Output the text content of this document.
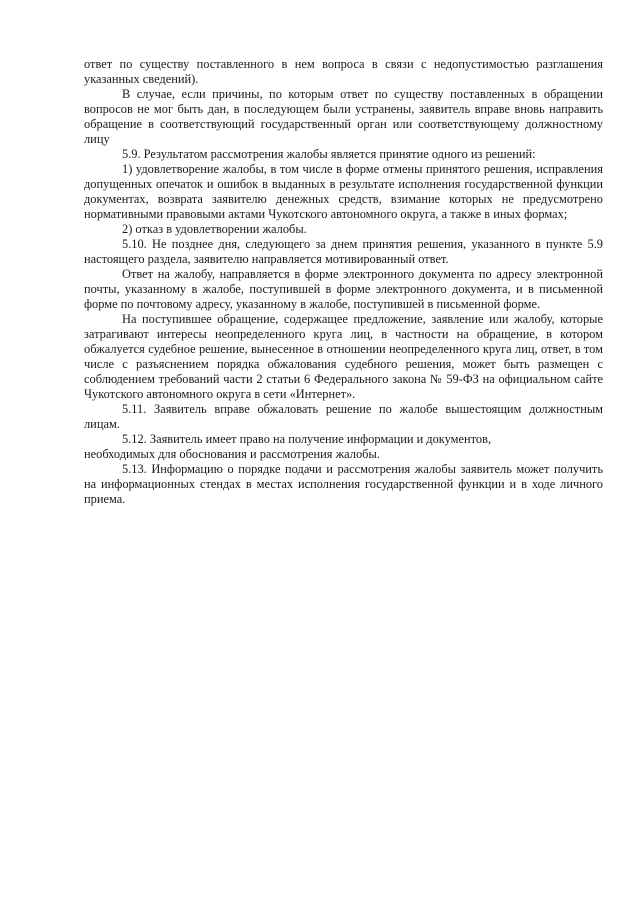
ответ по существу поставленного в нем вопроса в связи с недопустимостью разглашения указанных сведений).

В случае, если причины, по которым ответ по существу поставленных в обращении вопросов не мог быть дан, в последующем были устранены, заявитель вправе вновь направить обращение в соответствующий государственный орган или соответствующему должностному лицу

5.9. Результатом рассмотрения жалобы является принятие одного из решений:

1) удовлетворение жалобы, в том числе в форме отмены принятого решения, исправления допущенных опечаток и ошибок в выданных в результате исполнения государственной функции документах, возврата заявителю денежных средств, взимание которых не предусмотрено нормативными правовыми актами Чукотского автономного округа, а также в иных формах;

2) отказ в удовлетворении жалобы.

5.10. Не позднее дня, следующего за днем принятия решения, указанного в пункте 5.9 настоящего раздела, заявителю направляется мотивированный ответ.

Ответ на жалобу, направляется в форме электронного документа по адресу электронной почты, указанному в жалобе, поступившей в форме электронного документа, и в письменной форме по почтовому адресу, указанному в жалобе, поступившей в письменной форме.

На поступившее обращение, содержащее предложение, заявление или жалобу, которые затрагивают интересы неопределенного круга лиц, в частности на обращение, в котором обжалуется судебное решение, вынесенное в отношении неопределенного круга лиц, ответ, в том числе с разъяснением порядка обжалования судебного решения, может быть размещен с соблюдением требований части 2 статьи 6 Федерального закона № 59-ФЗ на официальном сайте Чукотского автономного округа в сети «Интернет».

5.11. Заявитель вправе обжаловать решение по жалобе вышестоящим должностным лицам.

5.12. Заявитель имеет право на получение информации и документов,

необходимых для обоснования и рассмотрения жалобы.

5.13. Информацию о порядке подачи и рассмотрения жалобы заявитель может получить на информационных стендах в местах исполнения государственной функции и в ходе личного приема.
